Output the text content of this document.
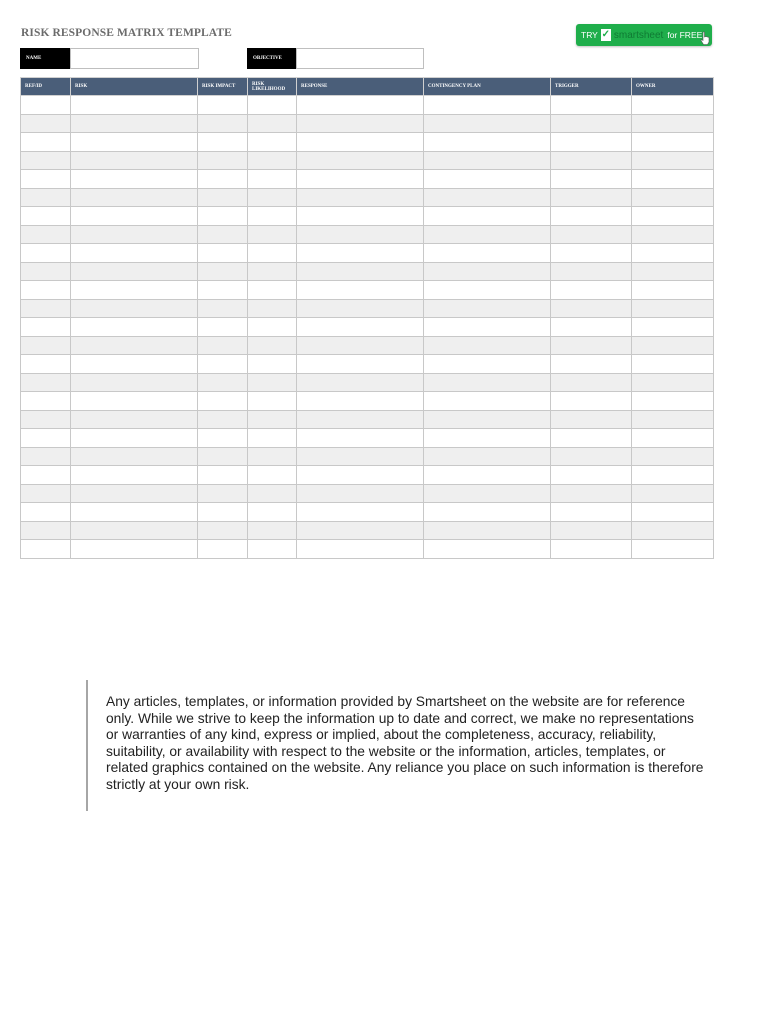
RISK RESPONSE MATRIX TEMPLATE	TRY ✓ smartsheet for FREE
NAME	OBJECTIVE
REF/ID	RISK	RISK IMPACT	RISK LIKELIHOOD	RESPONSE	CONTINGENCY PLAN	TRIGGER	OWNER

Any articles, templates, or information provided by Smartsheet on the website are for reference only. While we strive to keep the information up to date and correct, we make no representations or warranties of any kind, express or implied, about the completeness, accuracy, reliability, suitability, or availability with respect to the website or the information, articles, templates, or related graphics contained on the website. Any reliance you place on such information is therefore strictly at your own risk.
